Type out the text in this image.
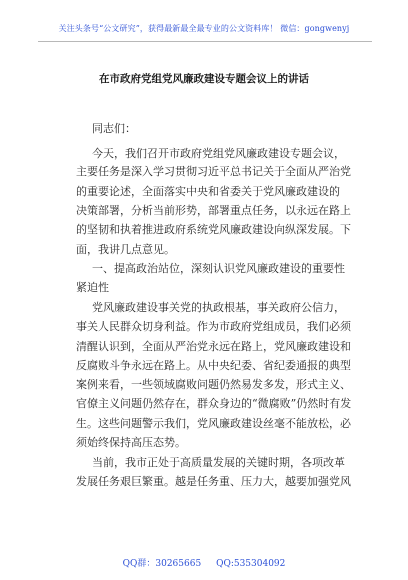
关注头条号“公文研究”，获得最新最全最专业的公文资料库！ 微信：gongwenyj
在市政府党组党风廉政建设专题会议上的讲话
同志们：
今天，我们召开市政府党组党风廉政建设专题会议，
主要任务是深入学习贯彻习近平总书记关于全面从严治党
的重要论述，全面落实中央和省委关于党风廉政建设的
决策部署，分析当前形势，部署重点任务，以永远在路上
的坚韧和执着推进政府系统党风廉政建设向纵深发展。下
面，我讲几点意见。
一、提高政治站位，深刻认识党风廉政建设的重要性
紧迫性
党风廉政建设事关党的执政根基，事关政府公信力，
事关人民群众切身利益。作为市政府党组成员，我们必须
清醒认识到，全面从严治党永远在路上，党风廉政建设和
反腐败斗争永远在路上。从中央纪委、省纪委通报的典型
案例来看，一些领域腐败问题仍然易发多发，形式主义、
官僚主义问题仍然存在，群众身边的“微腐败”仍然时有发
生。这些问题警示我们，党风廉政建设丝毫不能放松，必
须始终保持高压态势。
当前，我市正处于高质量发展的关键时期，各项改革
发展任务艰巨繁重。越是任务重、压力大，越要加强党风
QQ群：30265665 QQ:535304092
